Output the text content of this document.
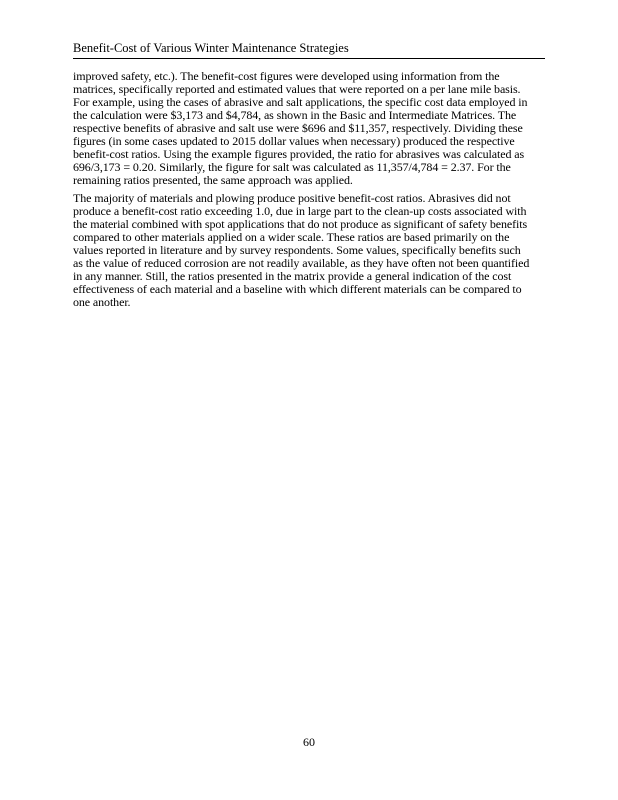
Benefit-Cost of Various Winter Maintenance Strategies

improved safety, etc.). The benefit-cost figures were developed using information from the
matrices, specifically reported and estimated values that were reported on a per lane mile basis.
For example, using the cases of abrasive and salt applications, the specific cost data employed in
the calculation were $3,173 and $4,784, as shown in the Basic and Intermediate Matrices. The
respective benefits of abrasive and salt use were $696 and $11,357, respectively. Dividing these
figures (in some cases updated to 2015 dollar values when necessary) produced the respective
benefit-cost ratios. Using the example figures provided, the ratio for abrasives was calculated as
696/3,173 = 0.20. Similarly, the figure for salt was calculated as 11,357/4,784 = 2.37. For the
remaining ratios presented, the same approach was applied.

The majority of materials and plowing produce positive benefit-cost ratios. Abrasives did not
produce a benefit-cost ratio exceeding 1.0, due in large part to the clean-up costs associated with
the material combined with spot applications that do not produce as significant of safety benefits
compared to other materials applied on a wider scale. These ratios are based primarily on the
values reported in literature and by survey respondents. Some values, specifically benefits such
as the value of reduced corrosion are not readily available, as they have often not been quantified
in any manner. Still, the ratios presented in the matrix provide a general indication of the cost
effectiveness of each material and a baseline with which different materials can be compared to
one another.

60
